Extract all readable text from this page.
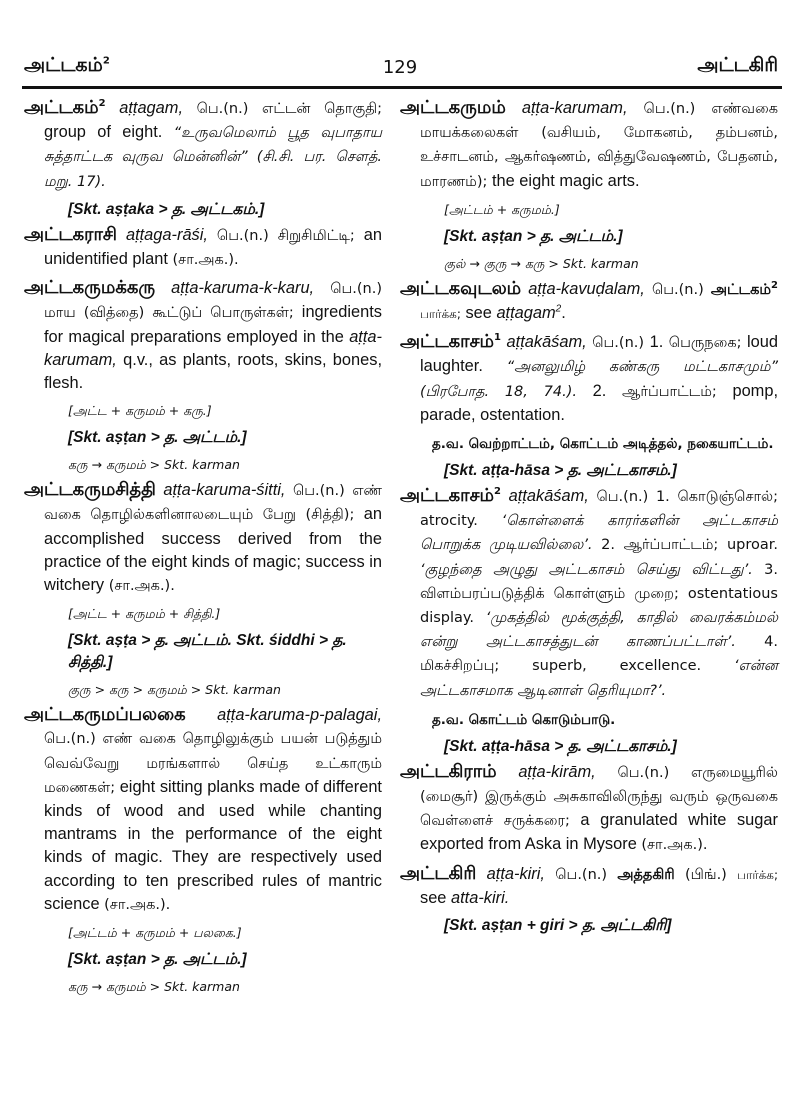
அட்டகம்$^2$	129	அட்டகிரி
அட்டகம்$^2$ aṭṭagam, பெ.(n.) எட்டன் தொகுதி; group of eight. “உருவமெலாம் பூத வுபாதாய சுத்தாட்டக வுருவ மென்னின்” (சி.சி. பர. சௌத். மறு. 17).
[Skt. aṣṭaka > த. அட்டகம்.]
அட்டகராசி aṭṭaga-rāśi, பெ.(n.) சிறுசிமிட்டி; an unidentified plant (சா.அக.).
அட்டகருமக்கரு aṭṭa-karuma-k-karu, பெ.(n.) மாய (வித்தை) கூட்டுப் பொருள்கள்; ingredients for magical preparations employed in the aṭṭa-karumam, q.v., as plants, roots, skins, bones, flesh.
[அட்ட + கருமம் + கரு.]
[Skt. aṣṭan > த. அட்டம்.]
கரு → கருமம் > Skt. karman
அட்டகருமசித்தி aṭṭa-karuma-śitti, பெ.(n.) எண் வகை தொழில்களினாலடையும் பேறு (சித்தி); an accomplished success derived from the practice of the eight kinds of magic; success in witchery (சா.அக.).
[அட்ட + கருமம் + சித்தி.]
[Skt. aṣṭa > த. அட்டம். Skt. śiddhi > த. சித்தி.]
குரு > கரு > கருமம் > Skt. karman
அட்டகருமப்பலகை aṭṭa-karuma-p-palagai, பெ.(n.) எண் வகை தொழிலுக்கும் பயன் படுத்தும் வெவ்வேறு மரங்களால் செய்த உட்காரும் மணைகள்; eight sitting planks made of different kinds of wood and used while chanting mantrams in the performance of the eight kinds of magic. They are respectively used according to ten prescribed rules of mantric science (சா.அக.).
[அட்டம் + கருமம் + பலகை.]
[Skt. aṣṭan > த. அட்டம்.]
கரு → கருமம் > Skt. karman
அட்டகருமம் aṭṭa-karumam, பெ.(n.) எண்வகை மாயக்கலைகள் (வசியம், மோகனம், தம்பனம், உச்சாடனம், ஆகர்ஷணம், வித்துவேஷணம், பேதனம், மாரணம்); the eight magic arts.
[அட்டம் + கருமம்.]
[Skt. aṣṭan > த. அட்டம்.]
குல் → குரு → கரு > Skt. karman
அட்டகவுடலம் aṭṭa-kavuḍalam, பெ.(n.) அட்டகம்$^2$ பார்க்க; see aṭṭagam$^2$.
அட்டகாசம்$^1$ aṭṭakāśam, பெ.(n.) 1. பெருநகை; loud laughter. “அனலுமிழ் கண்கரு மட்டகாசமும்” (பிரபோத. 18, 74.). 2. ஆர்ப்பாட்டம்; pomp, parade, ostentation.
த.வ. வெற்றாட்டம், கொட்டம் அடித்தல், நகையாட்டம்.
[Skt. aṭṭa-hāsa > த. அட்டகாசம்.]
அட்டகாசம்$^2$ aṭṭakāśam, பெ.(n.) 1. கொடுஞ்சொல்; atrocity. ‘கொள்ளைக் காரர்களின் அட்டகாசம் பொறுக்க முடியவில்லை’. 2. ஆர்ப்பாட்டம்; uproar. ‘குழந்தை அழுது அட்டகாசம் செய்து விட்டது’. 3. விளம்பரப்படுத்திக் கொள்ளும் முறை; ostentatious display. ‘முகத்தில் மூக்குத்தி, காதில் வைரக்கம்மல் என்று அட்டகாசத்துடன் காணப்பட்டாள்’. 4. மிகச்சிறப்பு; superb, excellence. ‘என்ன அட்டகாசமாக ஆடினாள் தெரியுமா?’.
த.வ. கொட்டம் கொடும்பாடு.
[Skt. aṭṭa-hāsa > த. அட்டகாசம்.]
அட்டகிராம் aṭṭa-kirām, பெ.(n.) எருமையூரில் (மைசூர்) இருக்கும் அசுகாவிலிருந்து வரும் ஒருவகை வெள்ளைச் சருக்கரை; a granulated white sugar exported from Aska in Mysore (சா.அக.).
அட்டகிரி aṭṭa-kiri, பெ.(n.) அத்தகிரி (பிங்.) பார்க்க; see atta-kiri.
[Skt. aṣṭan + giri > த. அட்டகிரி]
